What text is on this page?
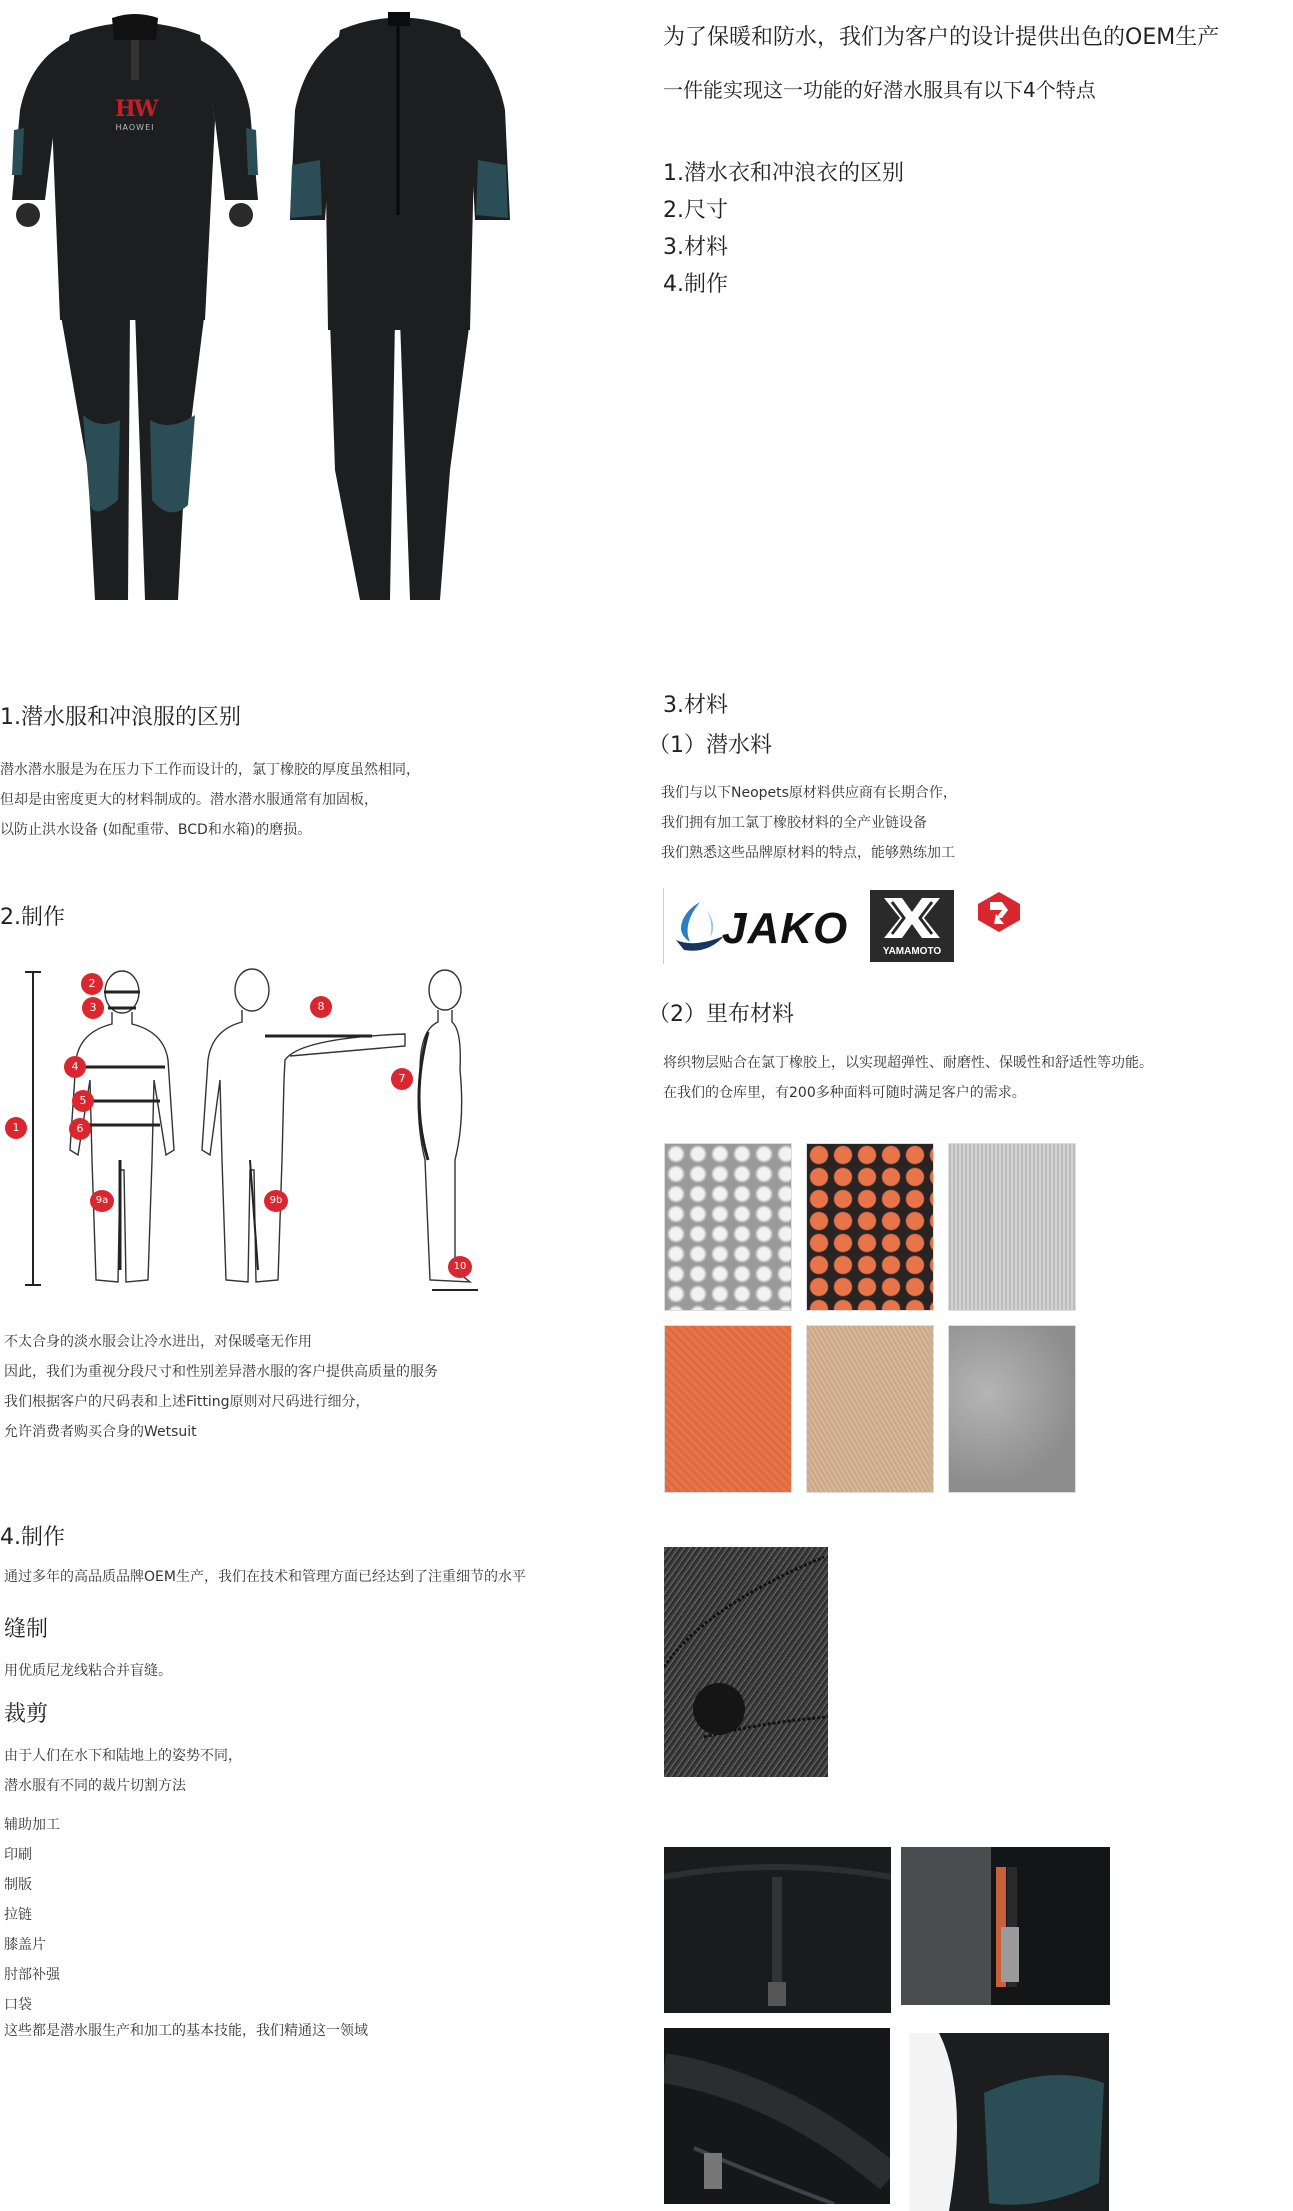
HW
HAOWEI
为了保暖和防水，我们为客户的设计提供出色的OEM生产
一件能实现这一功能的好潜水服具有以下4个特点
1.潜水衣和冲浪衣的区别
2.尺寸
3.材料
4.制作
1.潜水服和冲浪服的区别
潜水潜水服是为在压力下工作而设计的，氯丁橡胶的厚度虽然相同，
但却是由密度更大的材料制成的。潜水潜水服通常有加固板，
以防止洪水设备 (如配重带、BCD和水箱)的磨损。
2.制作
1
2
3
4
5
6
7
8
9a	9b
10
不太合身的淡水服会让冷水进出，对保暖毫无作用
因此，我们为重视分段尺寸和性别差异潜水服的客户提供高质量的服务
我们根据客户的尺码表和上述Fitting原则对尺码进行细分，
允许消费者购买合身的Wetsuit
4.制作
通过多年的高品质品牌OEM生产，我们在技术和管理方面已经达到了注重细节的水平
缝制
用优质尼龙线粘合并盲缝。
裁剪
由于人们在水下和陆地上的姿势不同，
潜水服有不同的裁片切割方法
辅助加工
印刷
制版
拉链
膝盖片
肘部补强
口袋
这些都是潜水服生产和加工的基本技能，我们精通这一领域
3.材料
（1）潜水料
我们与以下Neopets原材料供应商有长期合作，
我们拥有加工氯丁橡胶材料的全产业链设备
我们熟悉这些品牌原材料的特点，能够熟练加工
JAKO	YAMAMOTO
（2）里布材料
将织物层贴合在氯丁橡胶上，以实现超弹性、耐磨性、保暖性和舒适性等功能。
在我们的仓库里，有200多种面料可随时满足客户的需求。
